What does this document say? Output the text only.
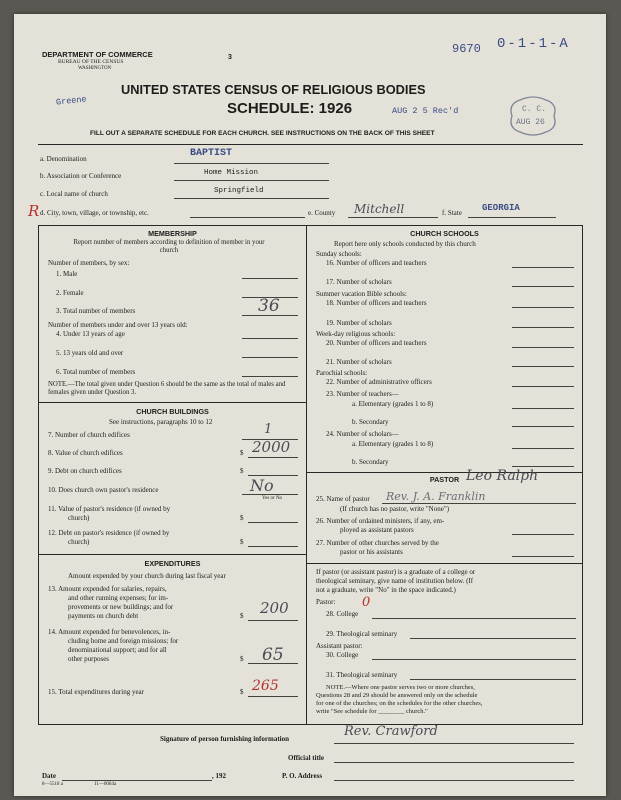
DEPARTMENT OF COMMERCE
BUREAU OF THE CENSUS
WASHINGTON
3
9670 0-1-1-A
Greene
UNITED STATES CENSUS OF RELIGIOUS BODIES
SCHEDULE: 1926	AUG 2 5 Rec'd	C. C.
AUG 26
FILL OUT A SEPARATE SCHEDULE FOR EACH CHURCH. SEE INSTRUCTIONS ON THE BACK OF THIS SHEET
a. Denomination	BAPTIST
b. Association or Conference	Home Mission
c. Local name of church	Springfield
R d. City, town, village, or township, etc.	e. County Mitchell	f. State GEORGIA
MEMBERSHIP
Report number of members according to definition of member in your church
Number of members, by sex:
1. Male
2. Female
3. Total number of members	36
Number of members under and over 13 years old:
4. Under 13 years of age
5. 13 years old and over
6. Total number of members
NOTE.—The total given under Question 6 should be the same as the total of males and females given under Question 3.
CHURCH BUILDINGS
See instructions, paragraphs 10 to 12
7. Number of church edifices	1
8. Value of church edifices	$ 2000
9. Debt on church edifices	$
10. Does church own pastor's residence	No
Yes or No
11. Value of pastor's residence (if owned by
church)	$
12. Debt on pastor's residence (if owned by
church)	$
EXPENDITURES
Amount expended by your church during last fiscal year
13. Amount expended for salaries, repairs,
and other running expenses; for im-
provements or new buildings; and for
payments on church debt	$ 200
14. Amount expended for benevolences, in-
cluding home and foreign missions; for
denominational support; and for all
other purposes	$ 65
15. Total expenditures during year	$ 265
CHURCH SCHOOLS
Report here only schools conducted by this church
Sunday schools:
16. Number of officers and teachers
17. Number of scholars
Summer vacation Bible schools:
18. Number of officers and teachers
19. Number of scholars
Week-day religious schools:
20. Number of officers and teachers
21. Number of scholars
Parochial schools:
22. Number of administrative officers
23. Number of teachers—
a. Elementary (grades 1 to 8)
b. Secondary
24. Number of scholars—
a. Elementary (grades 1 to 8)
b. Secondary
PASTOR
25. Name of pastor Rev. J. A. Franklin
Leo Ralph
(If church has no pastor, write "None")
26. Number of ordained ministers, if any, em-
ployed as assistant pastors
27. Number of other churches served by the
pastor or his assistants
If pastor (or assistant pastor) is a graduate of a college or
theological seminary, give name of institution below. (If
not a graduate, write "No" in the space indicated.)
Pastor: 0
28. College
29. Theological seminary
Assistant pastor:
30. College
31. Theological seminary
NOTE.—Where one pastor serves two or more churches,
Questions 28 and 29 should be answered only on the schedule
for one of the churches; on the schedules for the other churches,
write "See schedule for ________ church."
Signature of person furnishing information	Rev. Crawford
Official title
Date	, 192	P. O. Address
8—5518 a	11—0064a
